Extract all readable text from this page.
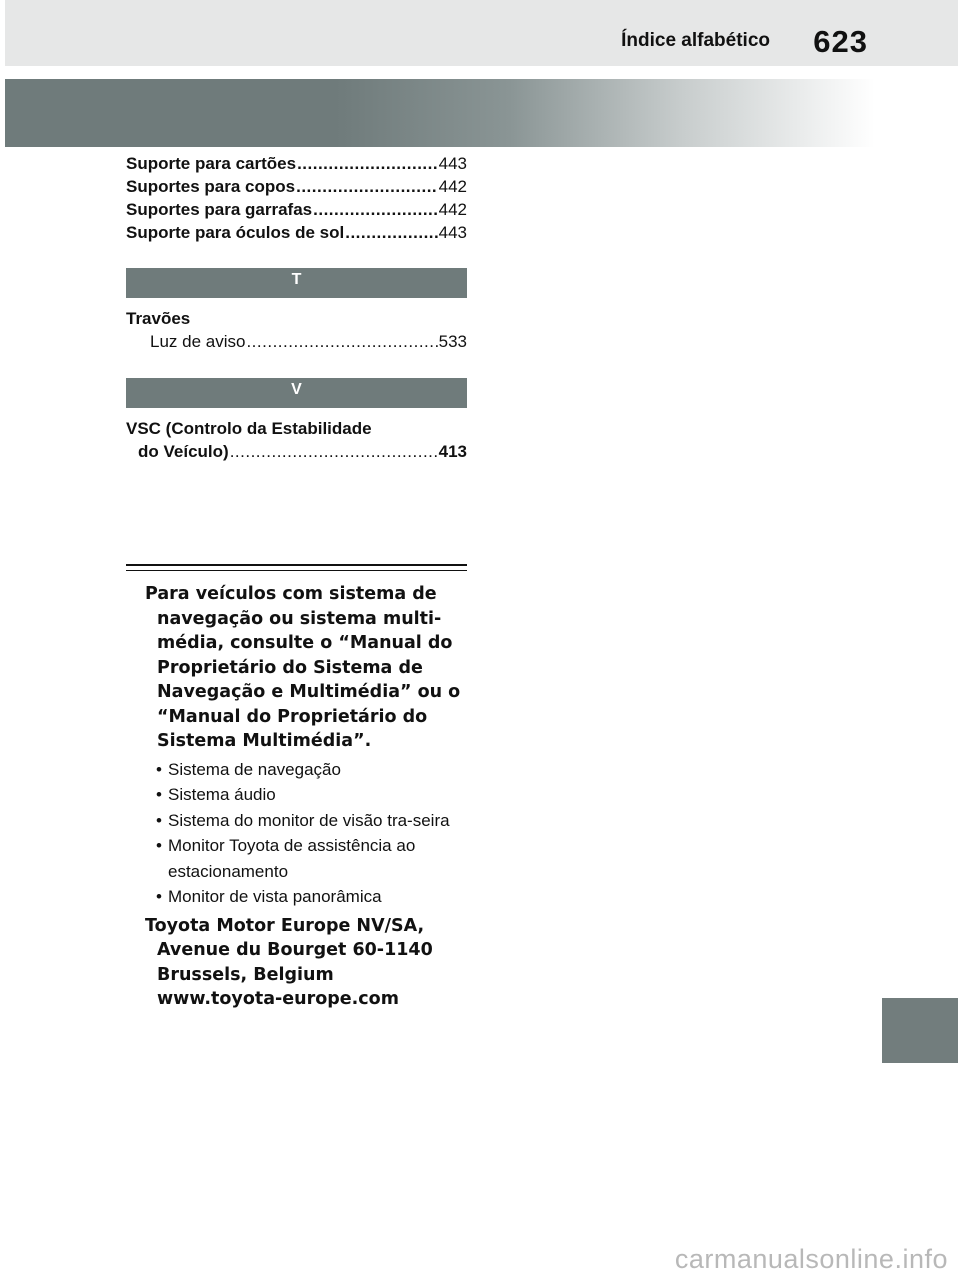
Índice alfabético 623
Suporte para cartões .....	443
Suportes para copos .....	442
Suportes para garrafas .....	442
Suporte para óculos de sol .....	443
T
Travões
Luz de aviso .....	533
V
VSC (Controlo da Estabilidade
do Veículo) .....	413

Para veículos com sistema de navegação ou sistema multi-média, consulte o “Manual do Proprietário do Sistema de Navegação e Multimédia” ou o “Manual do Proprietário do Sistema Multimédia”.

• Sistema de navegação
• Sistema áudio
• Sistema do monitor de visão tra-seira
• Monitor Toyota de assistência ao estacionamento
• Monitor de vista panorâmica

Toyota Motor Europe NV/SA, Avenue du Bourget 60-1140 Brussels, Belgium www.toyota-europe.com

carmanualsonline.info
